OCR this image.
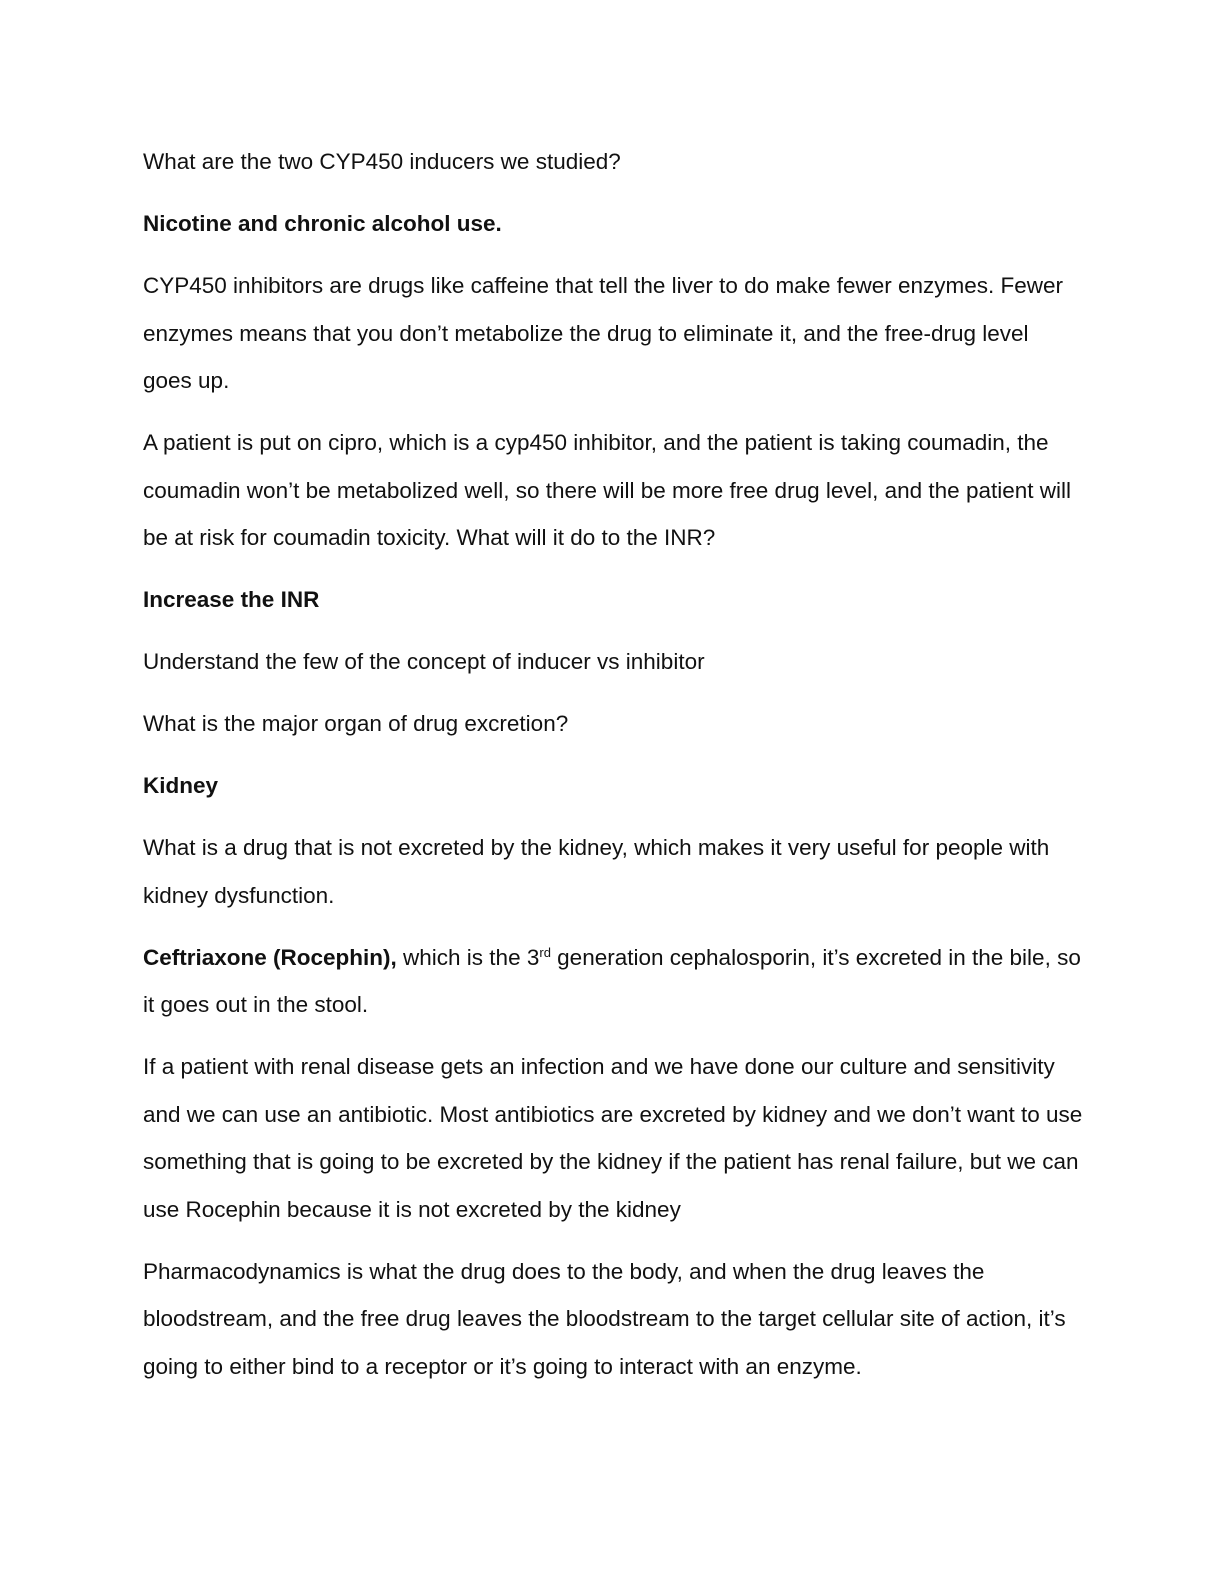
What are the two CYP450 inducers we studied?

Nicotine and chronic alcohol use.

CYP450 inhibitors are drugs like caffeine that tell the liver to do make fewer enzymes. Fewer enzymes means that you don’t metabolize the drug to eliminate it, and the free-drug level goes up.

A patient is put on cipro, which is a cyp450 inhibitor, and the patient is taking coumadin, the coumadin won’t be metabolized well, so there will be more free drug level, and the patient will be at risk for coumadin toxicity. What will it do to the INR?

Increase the INR

Understand the few of the concept of inducer vs inhibitor

What is the major organ of drug excretion?

Kidney

What is a drug that is not excreted by the kidney, which makes it very useful for people with kidney dysfunction.

Ceftriaxone (Rocephin), which is the 3rd generation cephalosporin, it’s excreted in the bile, so it goes out in the stool.

If a patient with renal disease gets an infection and we have done our culture and sensitivity and we can use an antibiotic. Most antibiotics are excreted by kidney and we don’t want to use something that is going to be excreted by the kidney if the patient has renal failure, but we can use Rocephin because it is not excreted by the kidney

Pharmacodynamics is what the drug does to the body, and when the drug leaves the bloodstream, and the free drug leaves the bloodstream to the target cellular site of action, it’s going to either bind to a receptor or it’s going to interact with an enzyme.
